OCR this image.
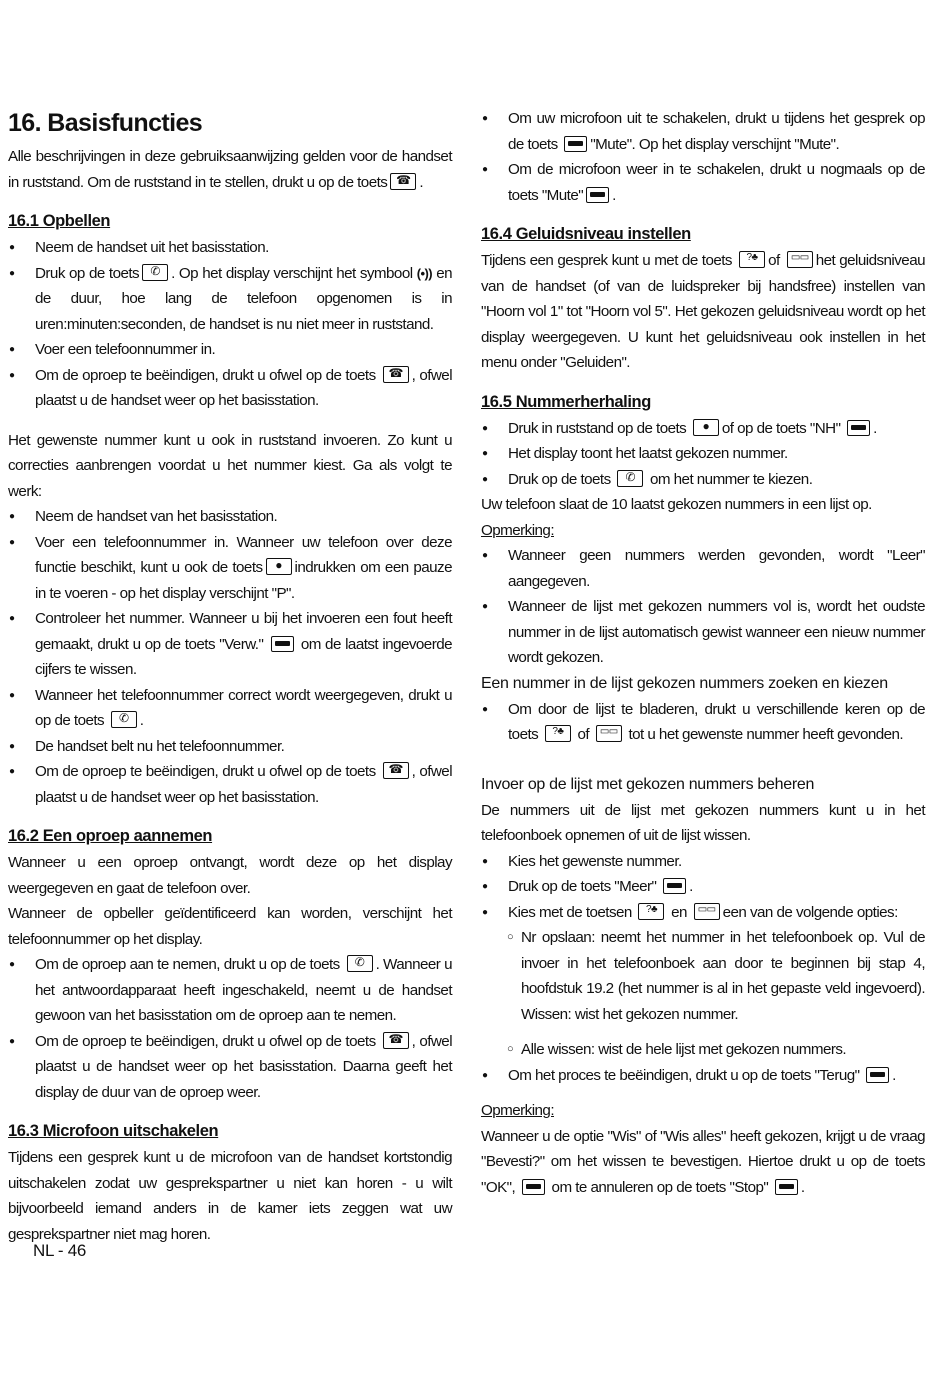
16. Basisfuncties

Alle beschrijvingen in deze gebruiksaanwijzing gelden voor de handset in ruststand. Om de ruststand in te stellen, drukt u op de toets ☎ .

16.1 Opbellen
● Neem de handset uit het basisstation.
● Druk op de toets ✆ . Op het display verschijnt het symbool (•)) en de duur, hoe lang de telefoon opgenomen is in uren:minuten:seconden, de handset is nu niet meer in ruststand.
● Voer een telefoonnummer in.
● Om de oproep te beëindigen, drukt u ofwel op de toets	☎ , ofwel plaatst u de handset weer op het basisstation.

Het gewenste nummer kunt u ook in ruststand invoeren. Zo kunt u correcties aanbrengen voordat u het nummer kiest. Ga als volgt te werk:

● Neem de handset van het basisstation.
● Voer een telefoonnummer in. Wanneer uw telefoon over deze functie beschikt, kunt u ook de toets	● indrukken om een pauze in te voeren - op het display verschijnt "P".
● Controleer het nummer. Wanneer u bij het invoeren een fout heeft gemaakt, drukt u op de toets "Verw." om de laatst ingevoerde cijfers te wissen.
● Wanneer het telefoonnummer correct wordt weergegeven, drukt u op de toets	✆ .
● De handset belt nu het telefoonnummer.
● Om de oproep te beëindigen, drukt u ofwel op de toets	☎ , ofwel plaatst u de handset weer op het basisstation.
16.2 Een oproep aannemen

Wanneer u een oproep ontvangt, wordt deze op het display weergegeven en gaat de telefoon over.

Wanneer de opbeller geïdentificeerd kan worden, verschijnt het telefoonnummer op het display.

● Om de oproep aan te nemen, drukt u op de toets	✆ . Wanneer u het antwoordapparaat heeft ingeschakeld, neemt u de handset gewoon van het basisstation om de oproep aan te nemen.
● Om de oproep te beëindigen, drukt u ofwel op de toets	☎ , ofwel plaatst u de handset weer op het basisstation. Daarna geeft het display de duur van de oproep weer.
16.3 Microfoon uitschakelen

Tijdens een gesprek kunt u de microfoon van de handset kortstondig uitschakelen zodat uw gesprekspartner u niet kan horen - u wilt bijvoorbeeld iemand anders in de kamer iets zeggen wat uw gesprekspartner niet mag horen.

● Om uw microfoon uit te schakelen, drukt u tijdens het gesprek op de toets "Mute". Op het display verschijnt "Mute".
● Om de microfoon weer in te schakelen, drukt u nogmaals op de toets "Mute" .
16.4 Geluidsniveau instellen

Tijdens een gesprek kunt u met de toets	?♣ of	▭▭ het geluidsniveau van de handset (of van de luidspreker bij handsfree) instellen van "Hoorn vol 1" tot "Hoorn vol 5". Het gekozen geluidsniveau wordt op het display weergegeven. U kunt het geluidsniveau ook instellen in het menu onder "Geluiden".

16.5 Nummerherhaling
● Druk in ruststand op de toets	● of op de toets "NH" .
● Het display toont het laatst gekozen nummer.
● Druk op de toets	✆ om het nummer te kiezen.

Uw telefoon slaat de 10 laatst gekozen nummers in een lijst op.

Opmerking:

● Wanneer geen nummers werden gevonden, wordt "Leer" aangegeven.
● Wanneer de lijst met gekozen nummers vol is, wordt het oudste nummer in de lijst automatisch gewist wanneer een nieuw nummer wordt gekozen.
Een nummer in de lijst gekozen nummers zoeken en kiezen
● Om door de lijst te bladeren, drukt u verschillende keren op de toets	?♣ of	▭▭ tot u het gewenste nummer heeft gevonden.
Invoer op de lijst met gekozen nummers beheren

De nummers uit de lijst met gekozen nummers kunt u in het telefoonboek opnemen of uit de lijst wissen.

● Kies het gewenste nummer.
● Druk op de toets "Meer" .
● Kies met de toetsen	?♣ en	▭▭ een van de volgende opties:
○ Nr opslaan: neemt het nummer in het telefoonboek op. Vul de invoer in het telefoonboek aan door te beginnen bij stap 4, hoofdstuk 19.2 (het nummer is al in het gepaste veld ingevoerd). Wissen: wist het gekozen nummer.
○ Alle wissen: wist de hele lijst met gekozen nummers.
● Om het proces te beëindigen, drukt u op de toets "Terug" .

Opmerking:

Wanneer u de optie "Wis" of "Wis alles" heeft gekozen, krijgt u de vraag "Bevesti?" om het wissen te bevestigen. Hiertoe drukt u op de toets "OK", om te annuleren op de toets "Stop" .

NL - 46
